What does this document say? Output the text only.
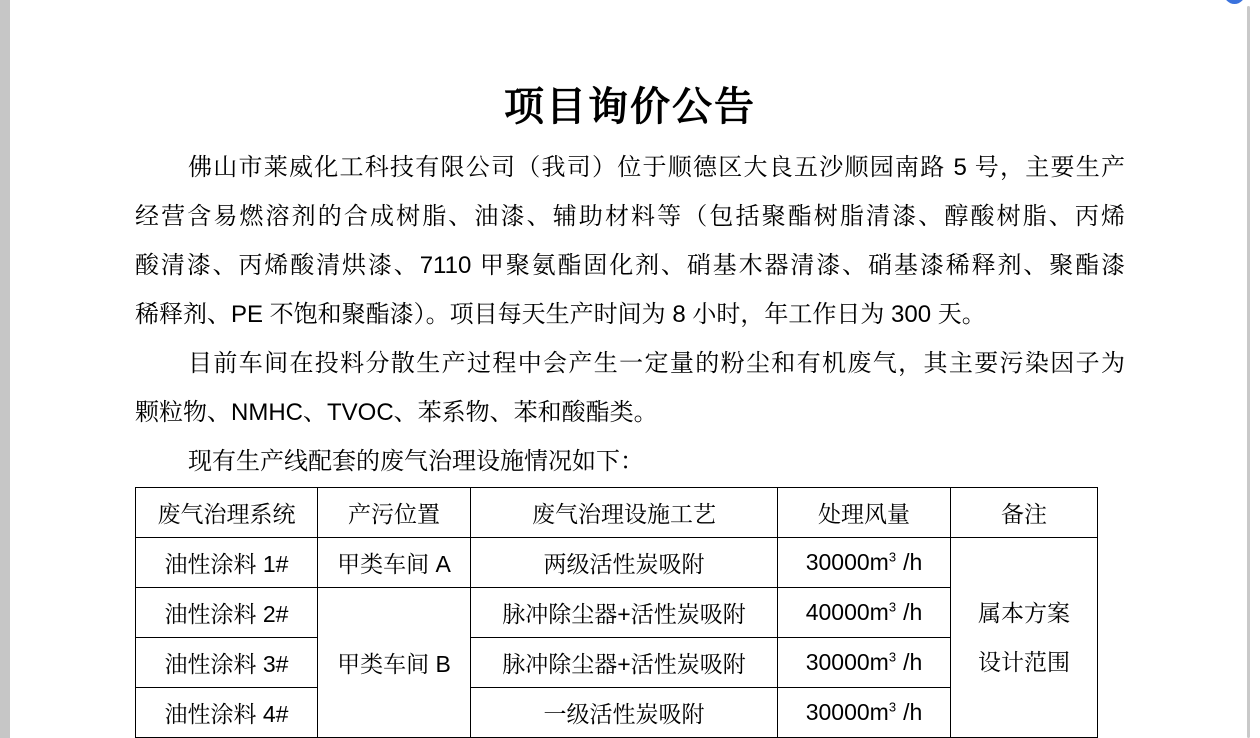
项目询价公告
佛山市莱威化工科技有限公司（我司）位于顺德区大良五沙顺园南路 5 号，主要生产
经营含易燃溶剂的合成树脂、油漆、辅助材料等（包括聚酯树脂清漆、醇酸树脂、丙烯
酸清漆、丙烯酸清烘漆、7110 甲聚氨酯固化剂、硝基木器清漆、硝基漆稀释剂、聚酯漆
稀释剂、PE 不饱和聚酯漆）。项目每天生产时间为 8 小时，年工作日为 300 天。
目前车间在投料分散生产过程中会产生一定量的粉尘和有机废气，其主要污染因子为
颗粒物、NMHC、TVOC、苯系物、苯和酸酯类。
现有生产线配套的废气治理设施情况如下：
废气治理系统	产污位置	废气治理设施工艺	处理风量	备注
油性涂料 1#	甲类车间 A	两级活性炭吸附	$30000m^3$ /h	属本方案
设计范围

油性涂料 2#	甲类车间 B	脉冲除尘器+活性炭吸附	$40000m^3$ /h	
油性涂料 3#		脉冲除尘器+活性炭吸附	$30000m^3$ /h	
油性涂料 4#		一级活性炭吸附	$30000m^3$ /h	
